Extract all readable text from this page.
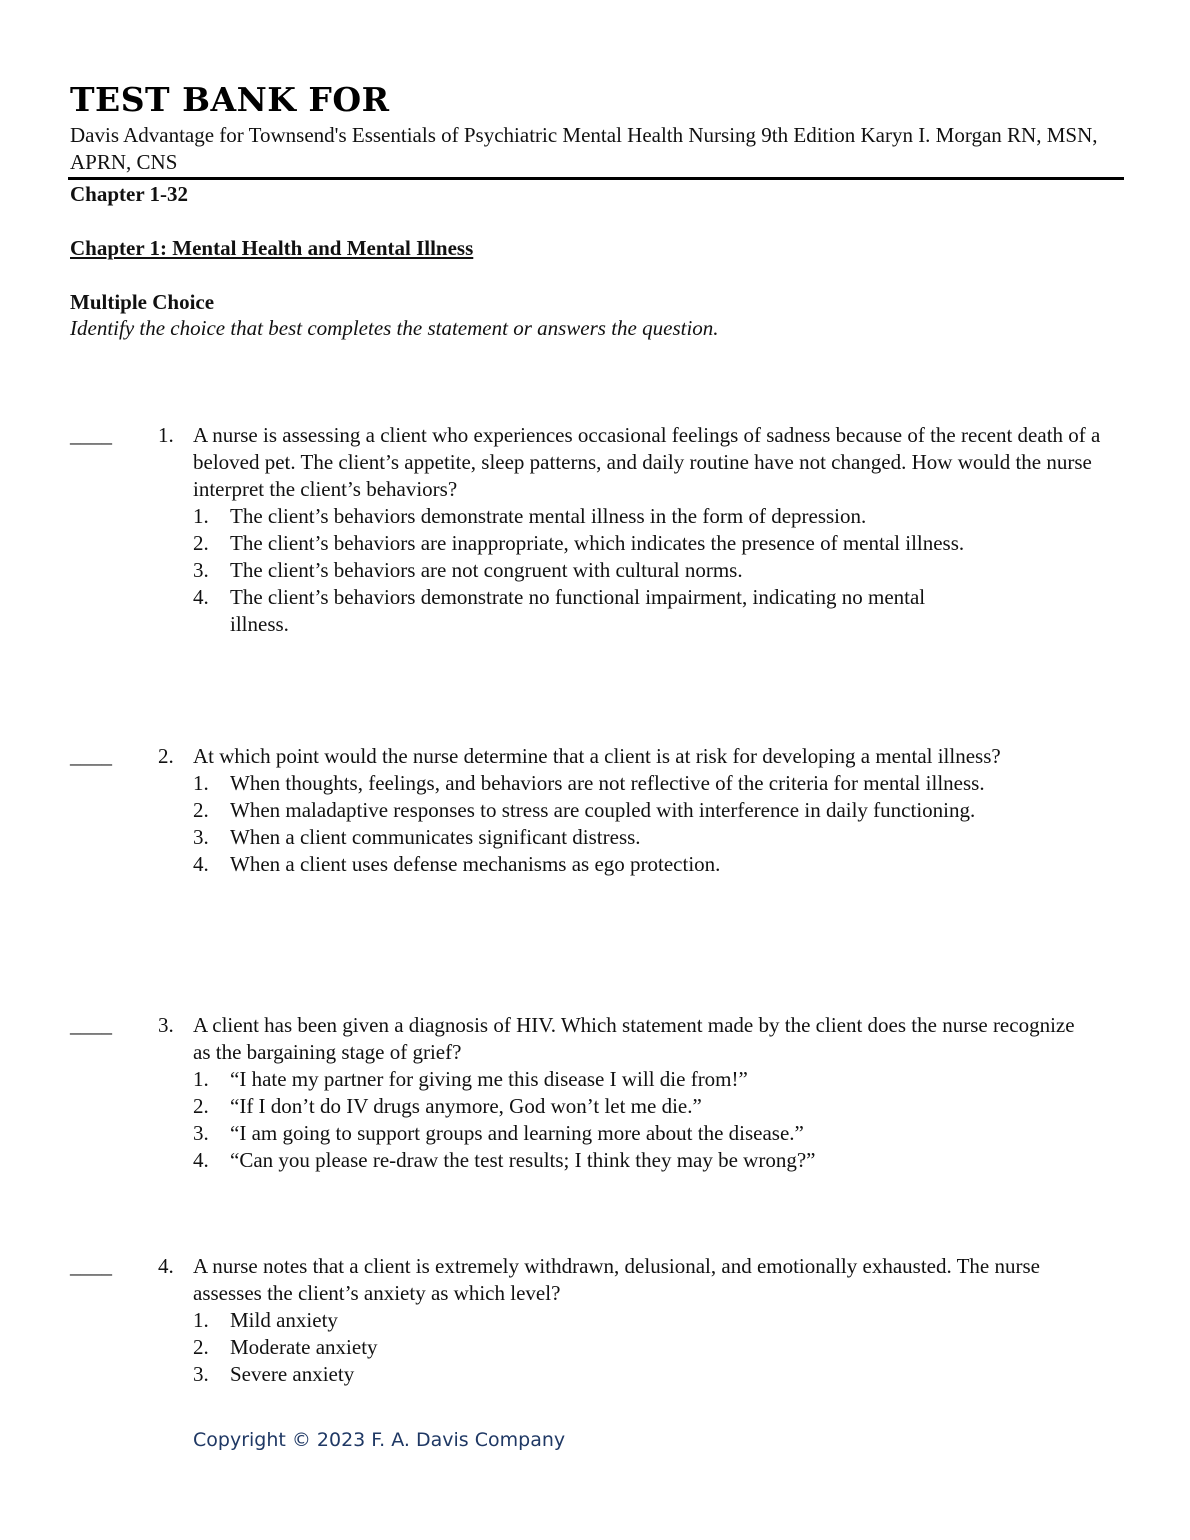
TEST BANK FOR

Davis Advantage for Townsend's Essentials of Psychiatric Mental Health Nursing 9th Edition Karyn I. Morgan RN, MSN, APRN, CNS

Chapter 1-32
Chapter 1: Mental Health and Mental Illness
Multiple Choice
Identify the choice that best completes the statement or answers the question.
____ 1. A nurse is assessing a client who experiences occasional feelings of sadness because of the recent death of a beloved pet. The client’s appetite, sleep patterns, and daily routine have not changed. How would the nurse interpret the client’s behaviors?
1. The client’s behaviors demonstrate mental illness in the form of depression.
2. The client’s behaviors are inappropriate, which indicates the presence of mental illness.
3. The client’s behaviors are not congruent with cultural norms.
4. The client’s behaviors demonstrate no functional impairment, indicating no mental illness.
____ 2. At which point would the nurse determine that a client is at risk for developing a mental illness?
1. When thoughts, feelings, and behaviors are not reflective of the criteria for mental illness.
2. When maladaptive responses to stress are coupled with interference in daily functioning.
3. When a client communicates significant distress.
4. When a client uses defense mechanisms as ego protection.
____ 3. A client has been given a diagnosis of HIV. Which statement made by the client does the nurse recognize as the bargaining stage of grief?
1. “I hate my partner for giving me this disease I will die from!”
2. “If I don’t do IV drugs anymore, God won’t let me die.”
3. “I am going to support groups and learning more about the disease.”
4. “Can you please re-draw the test results; I think they may be wrong?”
____ 4. A nurse notes that a client is extremely withdrawn, delusional, and emotionally exhausted. The nurse assesses the client’s anxiety as which level?
1. Mild anxiety
2. Moderate anxiety
3. Severe anxiety
Copyright © 2023 F. A. Davis Company
